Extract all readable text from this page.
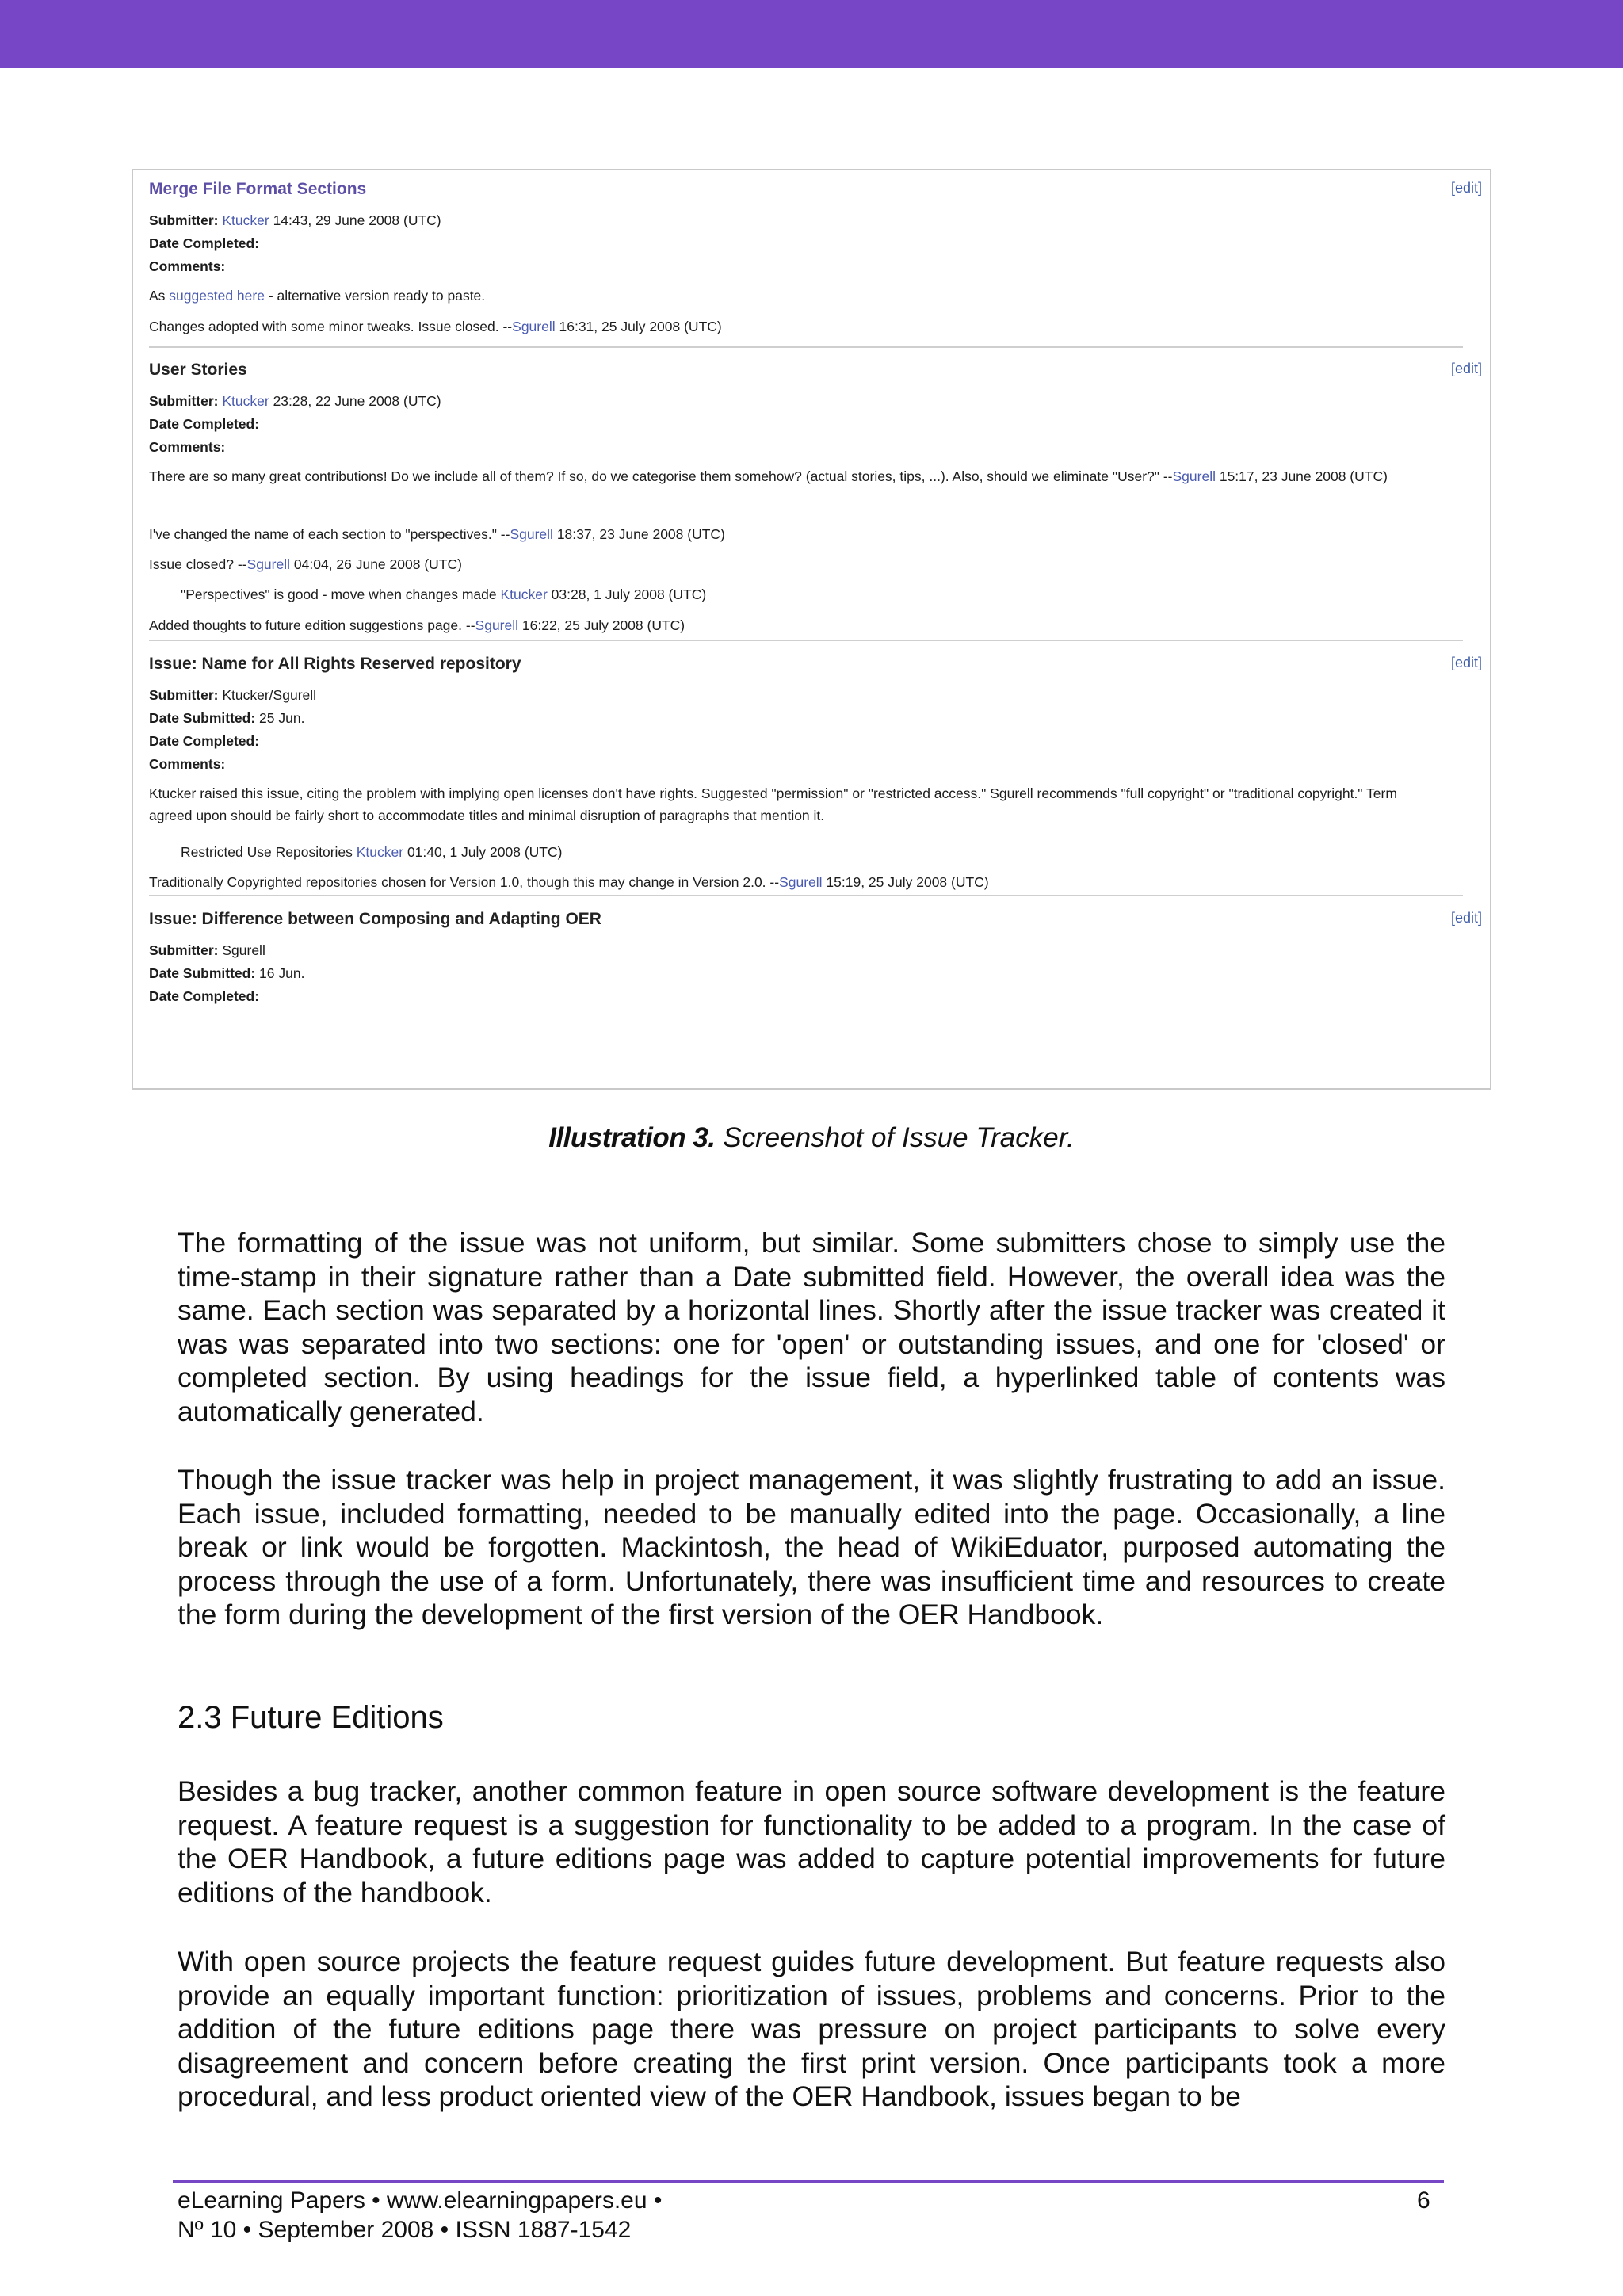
Merge File Format Sections	[edit]
Submitter: Ktucker 14:43, 29 June 2008 (UTC)
Date Completed:
Comments:
As suggested here - alternative version ready to paste.
Changes adopted with some minor tweaks. Issue closed. --Sgurell 16:31, 25 July 2008 (UTC)
User Stories	[edit]
Submitter: Ktucker 23:28, 22 June 2008 (UTC)
Date Completed:
Comments:
There are so many great contributions! Do we include all of them? If so, do we categorise them somehow? (actual stories, tips, ...). Also, should we eliminate "User?" --Sgurell 15:17, 23 June 2008 (UTC)
I've changed the name of each section to "perspectives." --Sgurell 18:37, 23 June 2008 (UTC)
Issue closed? --Sgurell 04:04, 26 June 2008 (UTC)
"Perspectives" is good - move when changes made Ktucker 03:28, 1 July 2008 (UTC)
Added thoughts to future edition suggestions page. --Sgurell 16:22, 25 July 2008 (UTC)
Issue: Name for All Rights Reserved repository	[edit]
Submitter: Ktucker/Sgurell
Date Submitted: 25 Jun.
Date Completed:
Comments:
Ktucker raised this issue, citing the problem with implying open licenses don't have rights. Suggested "permission" or "restricted access." Sgurell recommends "full copyright" or "traditional copyright." Term agreed upon should be fairly short to accommodate titles and minimal disruption of paragraphs that mention it.
Restricted Use Repositories Ktucker 01:40, 1 July 2008 (UTC)
Traditionally Copyrighted repositories chosen for Version 1.0, though this may change in Version 2.0. --Sgurell 15:19, 25 July 2008 (UTC)
Issue: Difference between Composing and Adapting OER	[edit]
Submitter: Sgurell
Date Submitted: 16 Jun.
Date Completed:
Illustration 3. Screenshot of Issue Tracker.

The formatting of the issue was not uniform, but similar. Some submitters chose to simply use the time-stamp in their signature rather than a Date submitted field. However, the overall idea was the same. Each section was separated by a horizontal lines. Shortly after the issue tracker was created it was was separated into two sections: one for 'open' or outstanding issues, and one for 'closed' or completed section. By using headings for the issue field, a hyperlinked table of contents was automatically generated.

Though the issue tracker was help in project management, it was slightly frustrating to add an issue. Each issue, included formatting, needed to be manually edited into the page. Occasionally, a line break or link would be forgotten. Mackintosh, the head of WikiEduator, purposed automating the process through the use of a form. Unfortunately, there was insufficient time and resources to create the form during the development of the first version of the OER Handbook.

2.3 Future Editions

Besides a bug tracker, another common feature in open source software development is the feature request. A feature request is a suggestion for functionality to be added to a program. In the case of the OER Handbook, a future editions page was added to capture potential improvements for future editions of the handbook.

With open source projects the feature request guides future development. But feature requests also provide an equally important function: prioritization of issues, problems and concerns. Prior to the addition of the future editions page there was pressure on project participants to solve every disagreement and concern before creating the first print version. Once participants took a more procedural, and less product oriented view of the OER Handbook, issues began to be

eLearning Papers • www.elearningpapers.eu •
Nº 10 • September 2008 • ISSN 1887-1542
6
